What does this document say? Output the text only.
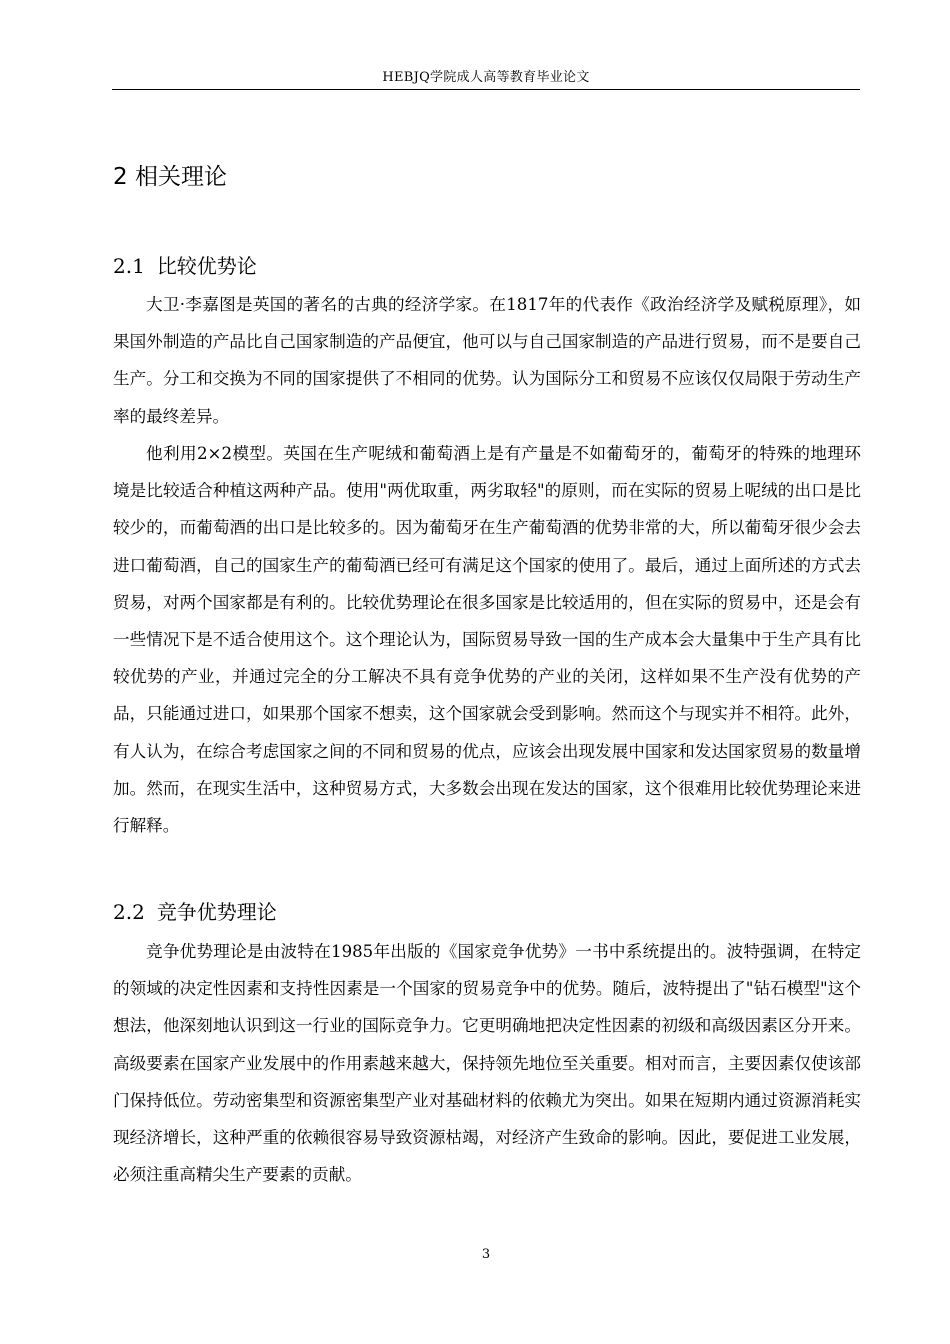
HEBJQ学院成人高等教育毕业论文
2 相关理论
2.1 比较优势论

大卫·李嘉图是英国的著名的古典的经济学家。在1817年的代表作《政治经济学及赋税原理》，如果国外制造的产品比自己国家制造的产品便宜，他可以与自己国家制造的产品进行贸易，而不是要自己生产。分工和交换为不同的国家提供了不相同的优势。认为国际分工和贸易不应该仅仅局限于劳动生产率的最终差异。

他利用2×2模型。英国在生产呢绒和葡萄酒上是有产量是不如葡萄牙的，葡萄牙的特殊的地理环境是比较适合种植这两种产品。使用"两优取重，两劣取轻"的原则，而在实际的贸易上呢绒的出口是比较少的，而葡萄酒的出口是比较多的。因为葡萄牙在生产葡萄酒的优势非常的大，所以葡萄牙很少会去进口葡萄酒，自己的国家生产的葡萄酒已经可有满足这个国家的使用了。最后，通过上面所述的方式去贸易，对两个国家都是有利的。比较优势理论在很多国家是比较适用的，但在实际的贸易中，还是会有一些情况下是不适合使用这个。这个理论认为，国际贸易导致一国的生产成本会大量集中于生产具有比较优势的产业，并通过完全的分工解决不具有竞争优势的产业的关闭，这样如果不生产没有优势的产品，只能通过进口，如果那个国家不想卖，这个国家就会受到影响。然而这个与现实并不相符。此外，有人认为，在综合考虑国家之间的不同和贸易的优点，应该会出现发展中国家和发达国家贸易的数量增加。然而，在现实生活中，这种贸易方式，大多数会出现在发达的国家，这个很难用比较优势理论来进行解释。

2.2 竞争优势理论

竞争优势理论是由波特在1985年出版的《国家竞争优势》一书中系统提出的。波特强调，在特定的领域的决定性因素和支持性因素是一个国家的贸易竞争中的优势。随后，波特提出了"钻石模型"这个想法，他深刻地认识到这一行业的国际竞争力。它更明确地把决定性因素的初级和高级因素区分开来。高级要素在国家产业发展中的作用素越来越大，保持领先地位至关重要。相对而言，主要因素仅使该部门保持低位。劳动密集型和资源密集型产业对基础材料的依赖尤为突出。如果在短期内通过资源消耗实现经济增长，这种严重的依赖很容易导致资源枯竭，对经济产生致命的影响。因此，要促进工业发展，必须注重高精尖生产要素的贡献。

3
